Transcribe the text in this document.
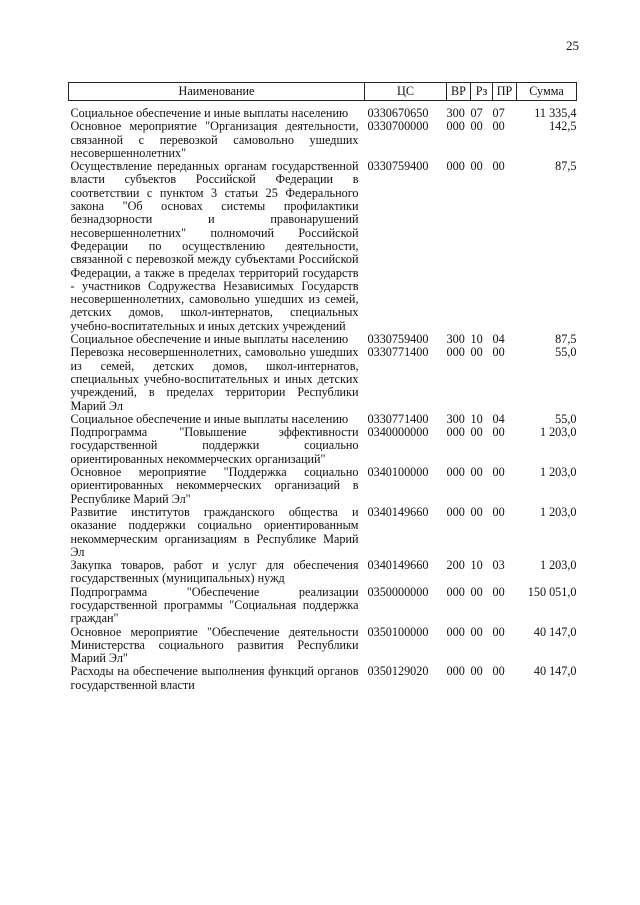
25
Наименование	ЦС	ВР	Рз	ПР	Сумма

Социальное обеспечение и иные выплаты населению	0330670650	300	07	07	11 335,4
Основное мероприятие "Организация деятельности, связанной с перевозкой самовольно ушедших несовершеннолетних"	0330700000	000	00	00	142,5
Осуществление переданных органам государственной власти субъектов Российской Федерации в соответствии с пунктом 3 статьи 25 Федерального закона "Об основах системы профилактики безнадзорности и правонарушений несовершеннолетних" полномочий Российской Федерации по осуществлению деятельности, связанной с перевозкой между субъектами Российской Федерации, а также в пределах территорий государств - участников Содружества Независимых Государств несовершеннолетних, самовольно ушедших из семей, детских домов, школ-интернатов, специальных учебно-воспитательных и иных детских учреждений	0330759400	000	00	00	87,5
Социальное обеспечение и иные выплаты населению	0330759400	300	10	04	87,5
Перевозка несовершеннолетних, самовольно ушедших из семей, детских домов, школ-интернатов, специальных учебно-воспитательных и иных детских учреждений, в пределах территории Республики Марий Эл	0330771400	000	00	00	55,0
Социальное обеспечение и иные выплаты населению	0330771400	300	10	04	55,0
Подпрограмма "Повышение эффективности государственной поддержки социально ориентированных некоммерческих организаций"	0340000000	000	00	00	1 203,0
Основное мероприятие "Поддержка социально ориентированных некоммерческих организаций в Республике Марий Эл"	0340100000	000	00	00	1 203,0
Развитие институтов гражданского общества и оказание поддержки социально ориентированным некоммерческим организациям в Республике Марий Эл	0340149660	000	00	00	1 203,0
Закупка товаров, работ и услуг для обеспечения государственных (муниципальных) нужд	0340149660	200	10	03	1 203,0
Подпрограмма "Обеспечение реализации государственной программы "Социальная поддержка граждан"	0350000000	000	00	00	150 051,0
Основное мероприятие "Обеспечение деятельности Министерства социального развития Республики Марий Эл"	0350100000	000	00	00	40 147,0
Расходы на обеспечение выполнения функций органов государственной власти	0350129020	000	00	00	40 147,0
